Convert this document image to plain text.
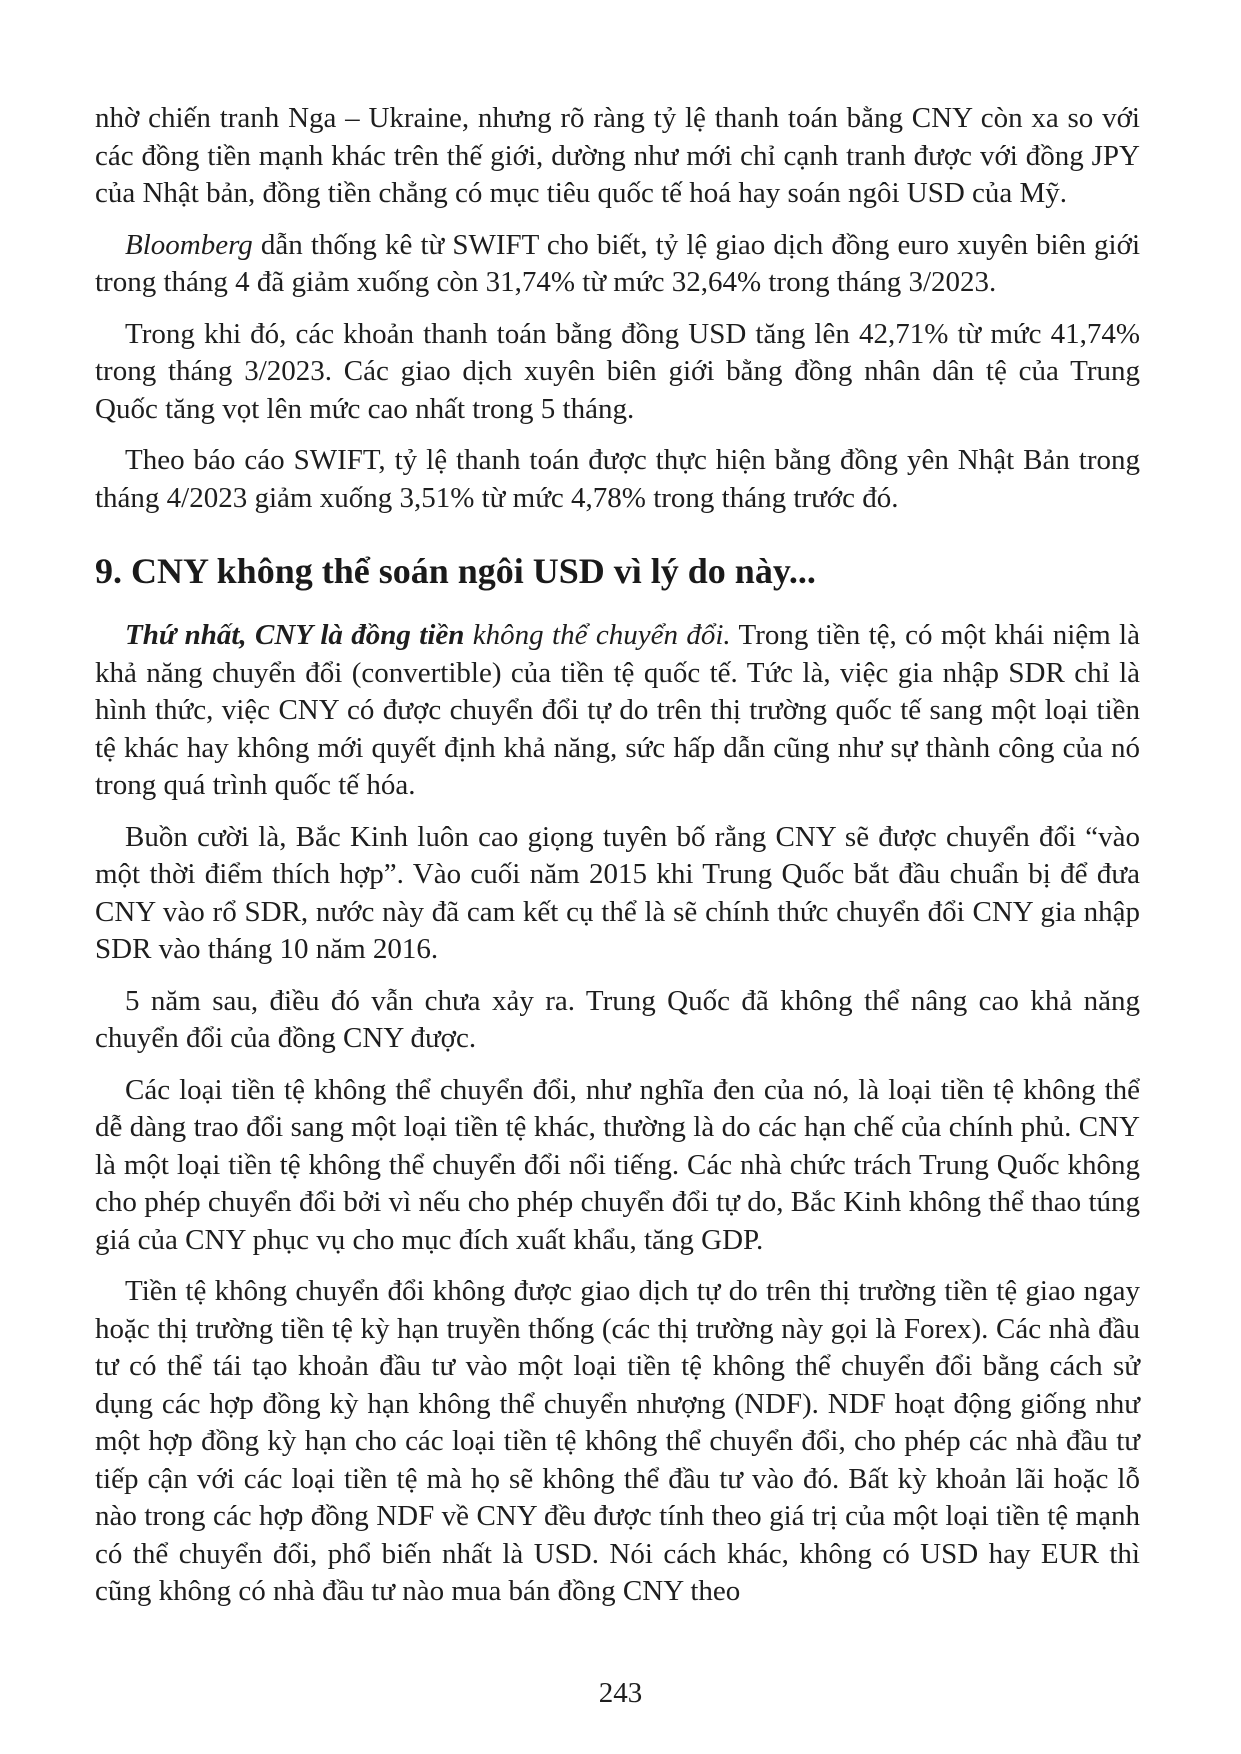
nhờ chiến tranh Nga – Ukraine, nhưng rõ ràng tỷ lệ thanh toán bằng CNY còn xa so với các đồng tiền mạnh khác trên thế giới, dường như mới chỉ cạnh tranh được với đồng JPY của Nhật bản, đồng tiền chẳng có mục tiêu quốc tế hoá hay soán ngôi USD của Mỹ.

Bloomberg dẫn thống kê từ SWIFT cho biết, tỷ lệ giao dịch đồng euro xuyên biên giới trong tháng 4 đã giảm xuống còn 31,74% từ mức 32,64% trong tháng 3/2023.

Trong khi đó, các khoản thanh toán bằng đồng USD tăng lên 42,71% từ mức 41,74% trong tháng 3/2023. Các giao dịch xuyên biên giới bằng đồng nhân dân tệ của Trung Quốc tăng vọt lên mức cao nhất trong 5 tháng.

Theo báo cáo SWIFT, tỷ lệ thanh toán được thực hiện bằng đồng yên Nhật Bản trong tháng 4/2023 giảm xuống 3,51% từ mức 4,78% trong tháng trước đó.

9. CNY không thể soán ngôi USD vì lý do này...

Thứ nhất, CNY là đồng tiền không thể chuyển đổi. Trong tiền tệ, có một khái niệm là khả năng chuyển đổi (convertible) của tiền tệ quốc tế. Tức là, việc gia nhập SDR chỉ là hình thức, việc CNY có được chuyển đổi tự do trên thị trường quốc tế sang một loại tiền tệ khác hay không mới quyết định khả năng, sức hấp dẫn cũng như sự thành công của nó trong quá trình quốc tế hóa.

Buồn cười là, Bắc Kinh luôn cao giọng tuyên bố rằng CNY sẽ được chuyển đổi “vào một thời điểm thích hợp”. Vào cuối năm 2015 khi Trung Quốc bắt đầu chuẩn bị để đưa CNY vào rổ SDR, nước này đã cam kết cụ thể là sẽ chính thức chuyển đổi CNY gia nhập SDR vào tháng 10 năm 2016.

5 năm sau, điều đó vẫn chưa xảy ra. Trung Quốc đã không thể nâng cao khả năng chuyển đổi của đồng CNY được.

Các loại tiền tệ không thể chuyển đổi, như nghĩa đen của nó, là loại tiền tệ không thể dễ dàng trao đổi sang một loại tiền tệ khác, thường là do các hạn chế của chính phủ. CNY là một loại tiền tệ không thể chuyển đổi nổi tiếng. Các nhà chức trách Trung Quốc không cho phép chuyển đổi bởi vì nếu cho phép chuyển đổi tự do, Bắc Kinh không thể thao túng giá của CNY phục vụ cho mục đích xuất khẩu, tăng GDP.

Tiền tệ không chuyển đổi không được giao dịch tự do trên thị trường tiền tệ giao ngay hoặc thị trường tiền tệ kỳ hạn truyền thống (các thị trường này gọi là Forex). Các nhà đầu tư có thể tái tạo khoản đầu tư vào một loại tiền tệ không thể chuyển đổi bằng cách sử dụng các hợp đồng kỳ hạn không thể chuyển nhượng (NDF). NDF hoạt động giống như một hợp đồng kỳ hạn cho các loại tiền tệ không thể chuyển đổi, cho phép các nhà đầu tư tiếp cận với các loại tiền tệ mà họ sẽ không thể đầu tư vào đó. Bất kỳ khoản lãi hoặc lỗ nào trong các hợp đồng NDF về CNY đều được tính theo giá trị của một loại tiền tệ mạnh có thể chuyển đổi, phổ biến nhất là USD. Nói cách khác, không có USD hay EUR thì cũng không có nhà đầu tư nào mua bán đồng CNY theo

243
